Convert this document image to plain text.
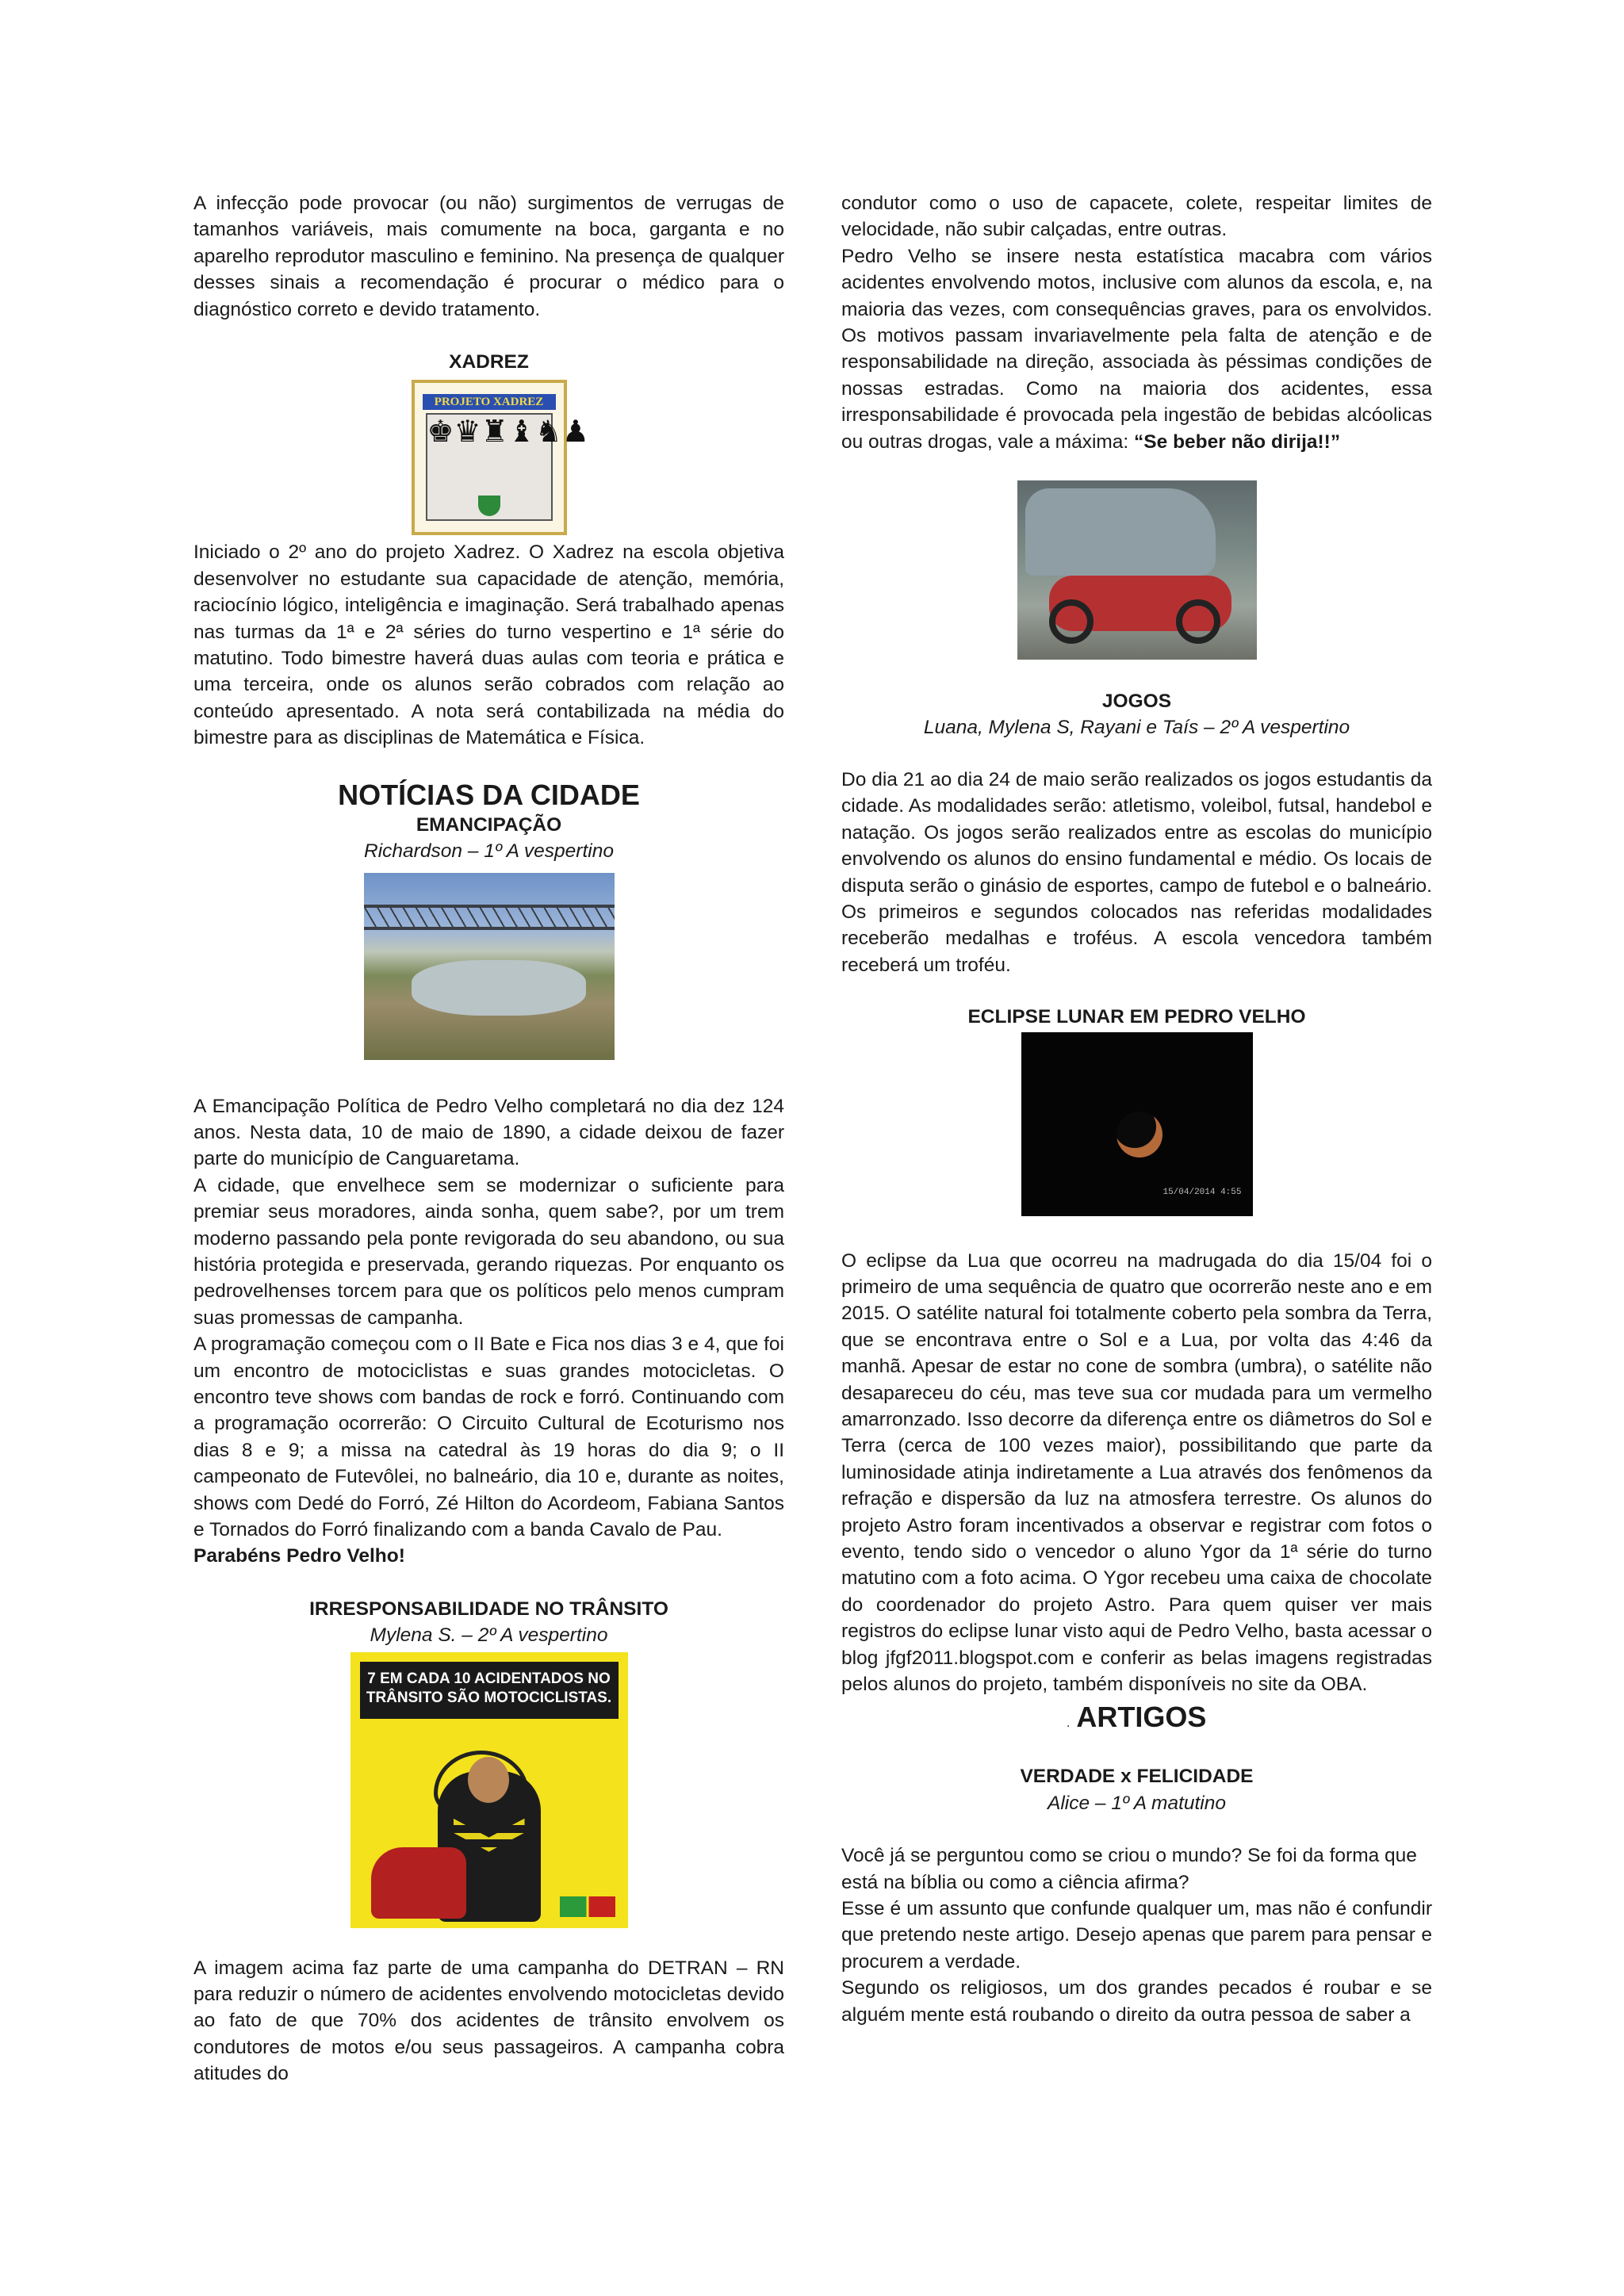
A infecção pode provocar (ou não) surgimentos de verrugas de tamanhos variáveis, mais comumente na boca, garganta e no aparelho reprodutor masculino e feminino. Na presença de qualquer desses sinais a recomendação é procurar o médico para o diagnóstico correto e devido tratamento.

XADREZ
PROJETO XADREZ
♚♛♜♝♞♟

Iniciado o 2º ano do projeto Xadrez. O Xadrez na escola objetiva desenvolver no estudante sua capacidade de atenção, memória, raciocínio lógico, inteligência e imaginação. Será trabalhado apenas nas turmas da 1ª e 2ª séries do turno vespertino e 1ª série do matutino. Todo bimestre haverá duas aulas com teoria e prática e uma terceira, onde os alunos serão cobrados com relação ao conteúdo apresentado. A nota será contabilizada na média do bimestre para as disciplinas de Matemática e Física.

NOTÍCIAS DA CIDADE
EMANCIPAÇÃO
Richardson – 1º A vespertino

A Emancipação Política de Pedro Velho completará no dia dez 124 anos. Nesta data, 10 de maio de 1890, a cidade deixou de fazer parte do município de Canguaretama.

A cidade, que envelhece sem se modernizar o suficiente para premiar seus moradores, ainda sonha, quem sabe?, por um trem moderno passando pela ponte revigorada do seu abandono, ou sua história protegida e preservada, gerando riquezas. Por enquanto os pedrovelhenses torcem para que os políticos pelo menos cumpram suas promessas de campanha.

A programação começou com o II Bate e Fica nos dias 3 e 4, que foi um encontro de motociclistas e suas grandes motocicletas. O encontro teve shows com bandas de rock e forró. Continuando com a programação ocorrerão: O Circuito Cultural de Ecoturismo nos dias 8 e 9; a missa na catedral às 19 horas do dia 9; o II campeonato de Futevôlei, no balneário, dia 10 e, durante as noites, shows com Dedé do Forró, Zé Hilton do Acordeom, Fabiana Santos e Tornados do Forró finalizando com a banda Cavalo de Pau.

Parabéns Pedro Velho!

IRRESPONSABILIDADE NO TRÂNSITO
Mylena S. – 2º A vespertino
7 EM CADA 10 ACIDENTADOS NO TRÂNSITO SÃO MOTOCICLISTAS.

A imagem acima faz parte de uma campanha do DETRAN – RN para reduzir o número de acidentes envolvendo motocicletas devido ao fato de que 70% dos acidentes de trânsito envolvem os condutores de motos e/ou seus passageiros. A campanha cobra atitudes do

condutor como o uso de capacete, colete, respeitar limites de velocidade, não subir calçadas, entre outras.

Pedro Velho se insere nesta estatística macabra com vários acidentes envolvendo motos, inclusive com alunos da escola, e, na maioria das vezes, com consequências graves, para os envolvidos. Os motivos passam invariavelmente pela falta de atenção e de responsabilidade na direção, associada às péssimas condições de nossas estradas. Como na maioria dos acidentes, essa irresponsabilidade é provocada pela ingestão de bebidas alcóolicas ou outras drogas, vale a máxima: “Se beber não dirija!!”

JOGOS
Luana, Mylena S, Rayani e Taís – 2º A vespertino

Do dia 21 ao dia 24 de maio serão realizados os jogos estudantis da cidade. As modalidades serão: atletismo, voleibol, futsal, handebol e natação. Os jogos serão realizados entre as escolas do município envolvendo os alunos do ensino fundamental e médio. Os locais de disputa serão o ginásio de esportes, campo de futebol e o balneário. Os primeiros e segundos colocados nas referidas modalidades receberão medalhas e troféus. A escola vencedora também receberá um troféu.

ECLIPSE LUNAR EM PEDRO VELHO
15/04/2014 4:55

O eclipse da Lua que ocorreu na madrugada do dia 15/04 foi o primeiro de uma sequência de quatro que ocorrerão neste ano e em 2015. O satélite natural foi totalmente coberto pela sombra da Terra, que se encontrava entre o Sol e a Lua, por volta das 4:46 da manhã. Apesar de estar no cone de sombra (umbra), o satélite não desapareceu do céu, mas teve sua cor mudada para um vermelho amarronzado. Isso decorre da diferença entre os diâmetros do Sol e Terra (cerca de 100 vezes maior), possibilitando que parte da luminosidade atinja indiretamente a Lua através dos fenômenos da refração e dispersão da luz na atmosfera terrestre. Os alunos do projeto Astro foram incentivados a observar e registrar com fotos o evento, tendo sido o vencedor o aluno Ygor da 1ª série do turno matutino com a foto acima. O Ygor recebeu uma caixa de chocolate do coordenador do projeto Astro. Para quem quiser ver mais registros do eclipse lunar visto aqui de Pedro Velho, basta acessar o blog jfgf2011.blogspot.com e conferir as belas imagens registradas pelos alunos do projeto, também disponíveis no site da OBA.

. ARTIGOS
VERDADE x FELICIDADE
Alice – 1º A matutino

Você já se perguntou como se criou o mundo? Se foi da forma que está na bíblia ou como a ciência afirma?

Esse é um assunto que confunde qualquer um, mas não é confundir que pretendo neste artigo. Desejo apenas que parem para pensar e procurem a verdade.

Segundo os religiosos, um dos grandes pecados é roubar e se alguém mente está roubando o direito da outra pessoa de saber a
